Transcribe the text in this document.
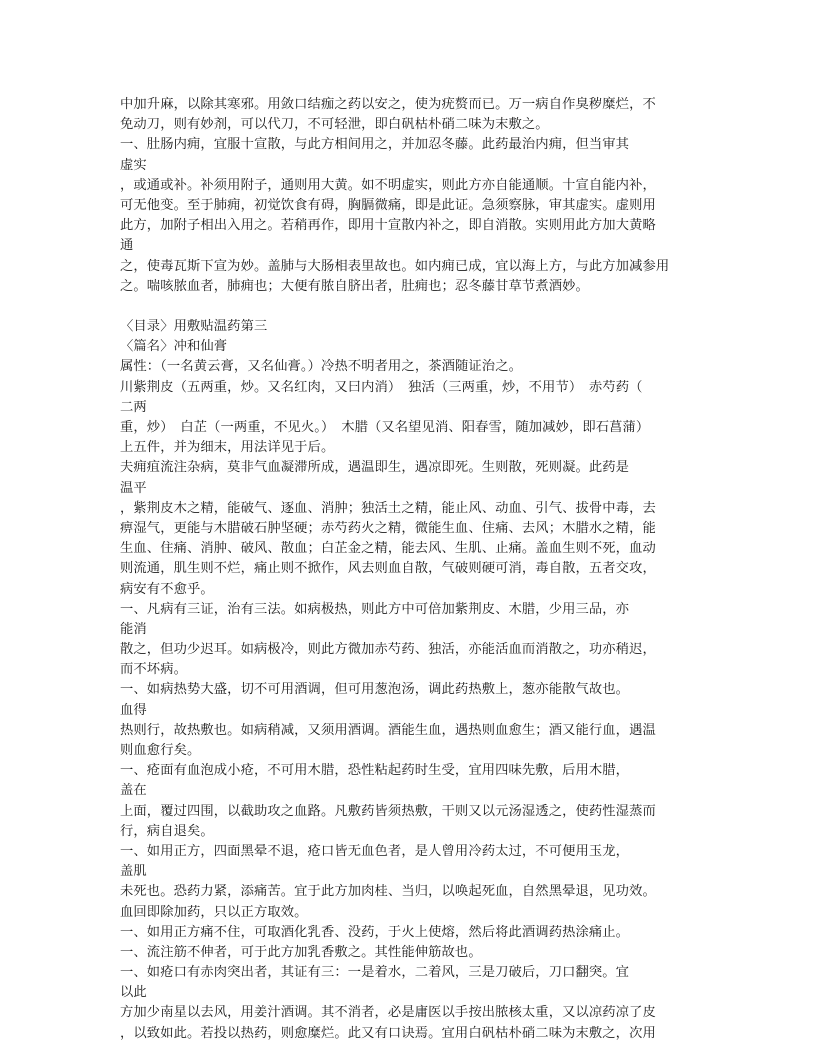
中加升麻，以除其寒邪。用敛口结痂之药以安之，使为疣赘而已。万一病自作臭秽糜烂，不
免动刀，则有妙剂，可以代刀，不可轻泄，即白矾枯朴硝二味为末敷之。
一、肚肠内痈，宜服十宣散，与此方相间用之，并加忍冬藤。此药最治内痈，但当审其
虚实
，或通或补。补须用附子，通则用大黄。如不明虚实，则此方亦自能通顺。十宣自能内补，
可无他变。至于肺痈，初觉饮食有碍，胸膈微痛，即是此证。急须察脉，审其虚实。虚则用
此方，加附子相出入用之。若稍再作，即用十宣散内补之，即自消散。实则用此方加大黄略
通
之，使毒瓦斯下宣为妙。盖肺与大肠相表里故也。如内痈已成，宜以海上方，与此方加减参用
之。喘咳脓血者，肺痈也；大便有脓自脐出者，肚痈也；忍冬藤甘草节煮酒妙。
〈目录〉用敷贴温药第三
〈篇名〉冲和仙膏
属性：（一名黄云膏，又名仙膏。）冷热不明者用之，茶酒随证治之。
川紫荆皮（五两重，炒。又名红肉，又曰内消）　独活（三两重，炒，不用节）　赤芍药（
二两
重，炒）　白芷（一两重，不见火。）　木腊（又名望见消、阳春雪，随加减妙，即石菖蒲）
上五件，并为细末，用法详见于后。
夫痈疽流注杂病，莫非气血凝滞所成，遇温即生，遇凉即死。生则散，死则凝。此药是
温平
，紫荆皮木之精，能破气、逐血、消肿；独活土之精，能止风、动血、引气、拔骨中毒，去
痹湿气，更能与木腊破石肿坚硬；赤芍药火之精，微能生血、住痛、去风；木腊水之精，能
生血、住痛、消肿、破风、散血；白芷金之精，能去风、生肌、止痛。盖血生则不死，血动
则流通，肌生则不烂，痛止则不掀作，风去则血自散，气破则硬可消，毒自散，五者交攻，
病安有不愈乎。
一、凡病有三证，治有三法。如病极热，则此方中可倍加紫荆皮、木腊，少用三品，亦
能消
散之，但功少迟耳。如病极冷，则此方微加赤芍药、独活，亦能活血而消散之，功亦稍迟，
而不坏病。
一、如病热势大盛，切不可用酒调，但可用葱泡汤，调此药热敷上，葱亦能散气故也。
血得
热则行，故热敷也。如病稍减，又须用酒调。酒能生血，遇热则血愈生；酒又能行血，遇温
则血愈行矣。
一、疮面有血泡成小疮，不可用木腊，恐性粘起药时生受，宜用四味先敷，后用木腊，
盖在
上面，覆过四围，以截助攻之血路。凡敷药皆须热敷，干则又以元汤湿透之，使药性湿蒸而
行，病自退矣。
一、如用正方，四面黑晕不退，疮口皆无血色者，是人曾用冷药太过，不可便用玉龙，
盖肌
未死也。恐药力紧，添痛苦。宜于此方加肉桂、当归，以唤起死血，自然黑晕退，见功效。
血回即除加药，只以正方取效。
一、如用正方痛不住，可取酒化乳香、没药，于火上使熔，然后将此酒调药热涂痛止。
一、流注筋不伸者，可于此方加乳香敷之。其性能伸筋故也。
一、如疮口有赤肉突出者，其证有三：一是着水，二着风，三是刀破后，刀口翻突。宜
以此
方加少南星以去风，用姜汁酒调。其不消者，必是庸医以手按出脓核太重，又以凉药凉了皮
，以致如此。若投以热药，则愈糜烂。此又有口诀焉。宜用白矾枯朴硝二味为末敷之，次用
